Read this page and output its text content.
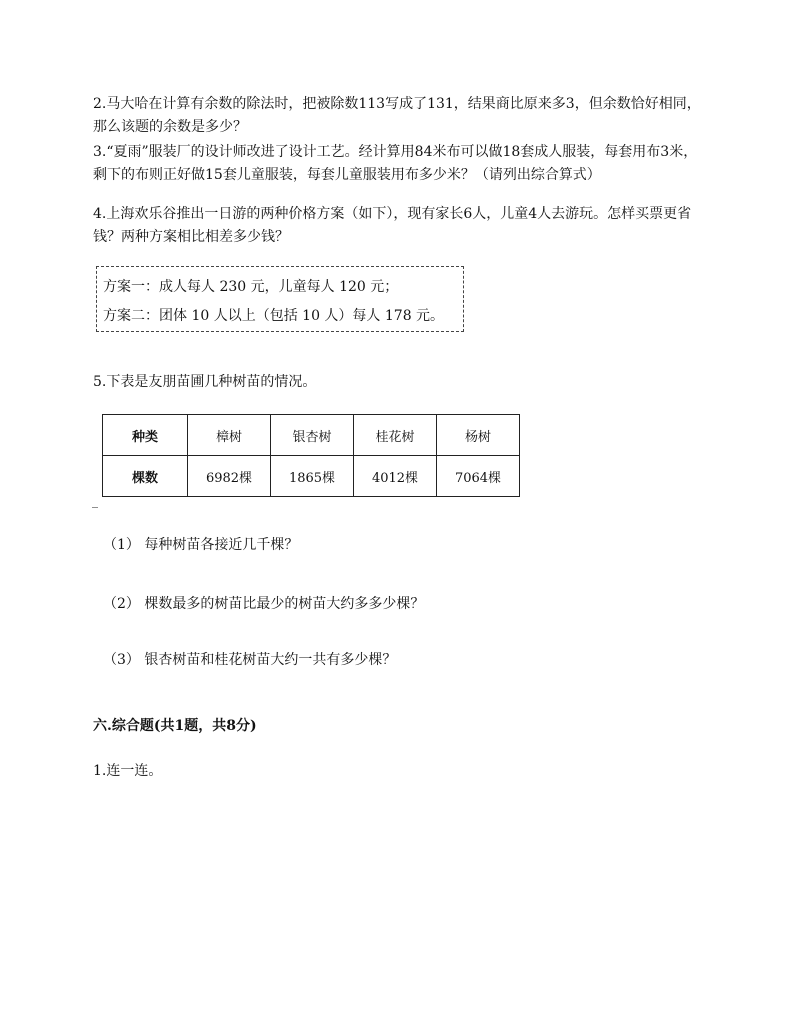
2.马大哈在计算有余数的除法时，把被除数113写成了131，结果商比原来多3，但余数恰好相同，那么该题的余数是多少？

3.“夏雨”服装厂的设计师改进了设计工艺。经计算用84米布可以做18套成人服装，每套用布3米，剩下的布则正好做15套儿童服装，每套儿童服装用布多少米？（请列出综合算式）

4.上海欢乐谷推出一日游的两种价格方案（如下），现有家长6人，儿童4人去游玩。怎样买票更省钱？两种方案相比相差多少钱？

方案一：成人每人 230 元，儿童每人 120 元；
方案二：团体 10 人以上（包括 10 人）每人 178 元。

5.下表是友朋苗圃几种树苗的情况。

种类	樟树	银杏树	桂花树	杨树
棵数	6982棵	1865棵	4012棵	7064棵
_

（1） 每种树苗各接近几千棵？

（2） 棵数最多的树苗比最少的树苗大约多多少棵？

（3） 银杏树苗和桂花树苗大约一共有多少棵？

六.综合题(共1题，共8分)

1.连一连。
